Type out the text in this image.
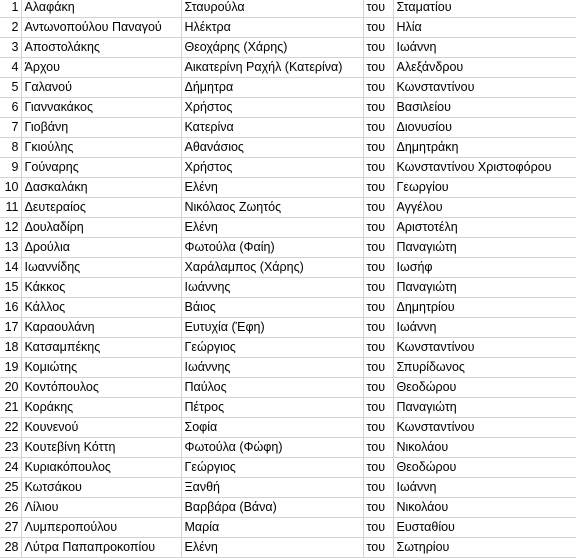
1	Αλαφάκη	Σταυρούλα	του	Σταματίου
2	Αντωνοπούλου Παναγού	Ηλέκτρα	του	Ηλία
3	Αποστολάκης	Θεοχάρης (Χάρης)	του	Ιωάννη
4	Άρχου	Αικατερίνη Ραχήλ (Κατερίνα)	του	Αλεξάνδρου
5	Γαλανού	Δήμητρα	του	Κωνσταντίνου
6	Γιαννακάκος	Χρήστος	του	Βασιλείου
7	Γιοβάνη	Κατερίνα	του	Διονυσίου
8	Γκιούλης	Αθανάσιος	του	Δημητράκη
9	Γούναρης	Χρήστος	του	Κωνσταντίνου Χριστοφόρου
10	Δασκαλάκη	Ελένη	του	Γεωργίου
11	Δευτεραίος	Νικόλαος Ζωητός	του	Αγγέλου
12	Δουλαδίρη	Ελένη	του	Αριστοτέλη
13	Δρούλια	Φωτούλα (Φαίη)	του	Παναγιώτη
14	Ιωαννίδης	Χαράλαμπος (Χάρης)	του	Ιωσήφ
15	Κάκκος	Ιωάννης	του	Παναγιώτη
16	Κάλλος	Βάιος	του	Δημητρίου
17	Καραουλάνη	Ευτυχία (Έφη)	του	Ιωάννη
18	Κατσαμπέκης	Γεώργιος	του	Κωνσταντίνου
19	Κομιώτης	Ιωάννης	του	Σπυρίδωνος
20	Κοντόπουλος	Παύλος	του	Θεοδώρου
21	Κοράκης	Πέτρος	του	Παναγιώτη
22	Κουνενού	Σοφία	του	Κωνσταντίνου
23	Κουτεβίνη Κόττη	Φωτούλα (Φώφη)	του	Νικολάου
24	Κυριακόπουλος	Γεώργιος	του	Θεοδώρου
25	Κωτσάκου	Ξανθή	του	Ιωάννη
26	Λίλιου	Βαρβάρα (Βάνα)	του	Νικολάου
27	Λυμπεροπούλου	Μαρία	του	Ευσταθίου
28	Λύτρα Παπαπροκοπίου	Ελένη	του	Σωτηρίου
